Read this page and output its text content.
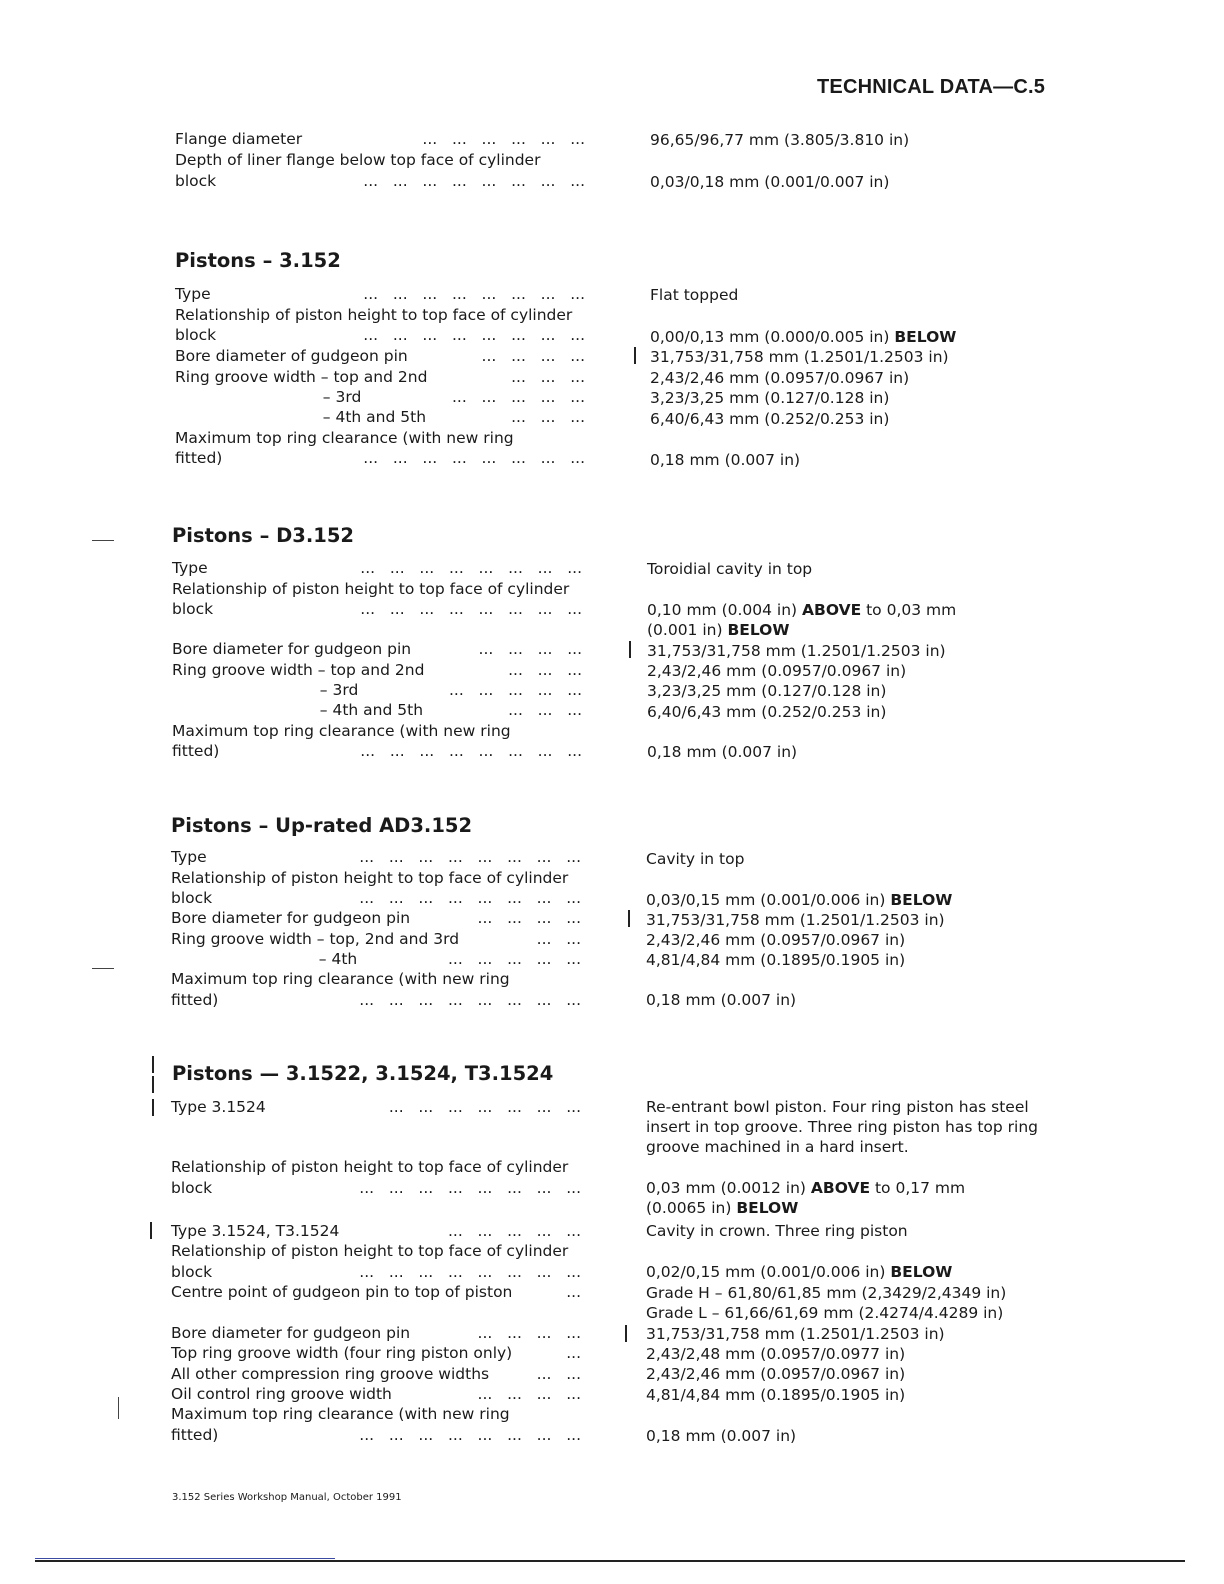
TECHNICAL DATA—C.5
Flange diameter	...   ...   ...   ...   ...   ...	96,65/96,77 mm (3.805/3.810 in)
Depth of liner flange below top face of cylinder
block	...   ...   ...   ...   ...   ...   ...   ...	0,03/0,18 mm (0.001/0.007 in)
Pistons – 3.152
Type	...   ...   ...   ...   ...   ...   ...   ...	Flat topped
Relationship of piston height to top face of cylinder
block	...   ...   ...   ...   ...   ...   ...   ...	0,00/0,13 mm (0.000/0.005 in) BELOW
Bore diameter of gudgeon pin	...   ...   ...   ...	31,753/31,758 mm (1.2501/1.2503 in)
Ring groove width – top and 2nd	...   ...   ...	2,43/2,46 mm (0.0957/0.0967 in)
– 3rd	...   ...   ...   ...   ...	3,23/3,25 mm (0.127/0.128 in)
– 4th and 5th	...   ...   ...	6,40/6,43 mm (0.252/0.253 in)
Maximum top ring clearance (with new ring
fitted)	...   ...   ...   ...   ...   ...   ...   ...	0,18 mm (0.007 in)
Pistons – D3.152
Type	...   ...   ...   ...   ...   ...   ...   ...	Toroidial cavity in top
Relationship of piston height to top face of cylinder
block	...   ...   ...   ...   ...   ...   ...   ...	0,10 mm (0.004 in) ABOVE to 0,03 mm
(0.001 in) BELOW
Bore diameter for gudgeon pin	...   ...   ...   ...	31,753/31,758 mm (1.2501/1.2503 in)
Ring groove width – top and 2nd	...   ...   ...	2,43/2,46 mm (0.0957/0.0967 in)
– 3rd	...   ...   ...   ...   ...	3,23/3,25 mm (0.127/0.128 in)
– 4th and 5th	...   ...   ...	6,40/6,43 mm (0.252/0.253 in)
Maximum top ring clearance (with new ring
fitted)	...   ...   ...   ...   ...   ...   ...   ...	0,18 mm (0.007 in)
Pistons – Up-rated AD3.152
Type	...   ...   ...   ...   ...   ...   ...   ...	Cavity in top
Relationship of piston height to top face of cylinder
block	...   ...   ...   ...   ...   ...   ...   ...	0,03/0,15 mm (0.001/0.006 in) BELOW
Bore diameter for gudgeon pin	...   ...   ...   ...	31,753/31,758 mm (1.2501/1.2503 in)
Ring groove width – top, 2nd and 3rd	...   ...	2,43/2,46 mm (0.0957/0.0967 in)
– 4th	...   ...   ...   ...   ...	4,81/4,84 mm (0.1895/0.1905 in)
Maximum top ring clearance (with new ring
fitted)	...   ...   ...   ...   ...   ...   ...   ...	0,18 mm (0.007 in)
Pistons — 3.1522, 3.1524, T3.1524
Type 3.1524	...   ...   ...   ...   ...   ...   ...	Re-entrant bowl piston. Four ring piston has steel
insert in top groove. Three ring piston has top ring
groove machined in a hard insert.
Relationship of piston height to top face of cylinder
block	...   ...   ...   ...   ...   ...   ...   ...	0,03 mm (0.0012 in) ABOVE to 0,17 mm
(0.0065 in) BELOW
Type 3.1524, T3.1524	...   ...   ...   ...   ...	Cavity in crown. Three ring piston
Relationship of piston height to top face of cylinder
block	...   ...   ...   ...   ...   ...   ...   ...	0,02/0,15 mm (0.001/0.006 in) BELOW
Centre point of gudgeon pin to top of piston	...	Grade H – 61,80/61,85 mm (2,3429/2,4349 in)
Grade L – 61,66/61,69 mm (2.4274/4.4289 in)
Bore diameter for gudgeon pin	...   ...   ...   ...	31,753/31,758 mm (1.2501/1.2503 in)
Top ring groove width (four ring piston only)	...	2,43/2,48 mm (0.0957/0.0977 in)
All other compression ring groove widths	...   ...	2,43/2,46 mm (0.0957/0.0967 in)
Oil control ring groove width	...   ...   ...   ...	4,81/4,84 mm (0.1895/0.1905 in)
Maximum top ring clearance (with new ring
fitted)	...   ...   ...   ...   ...   ...   ...   ...	0,18 mm (0.007 in)
3.152 Series Workshop Manual, October 1991
